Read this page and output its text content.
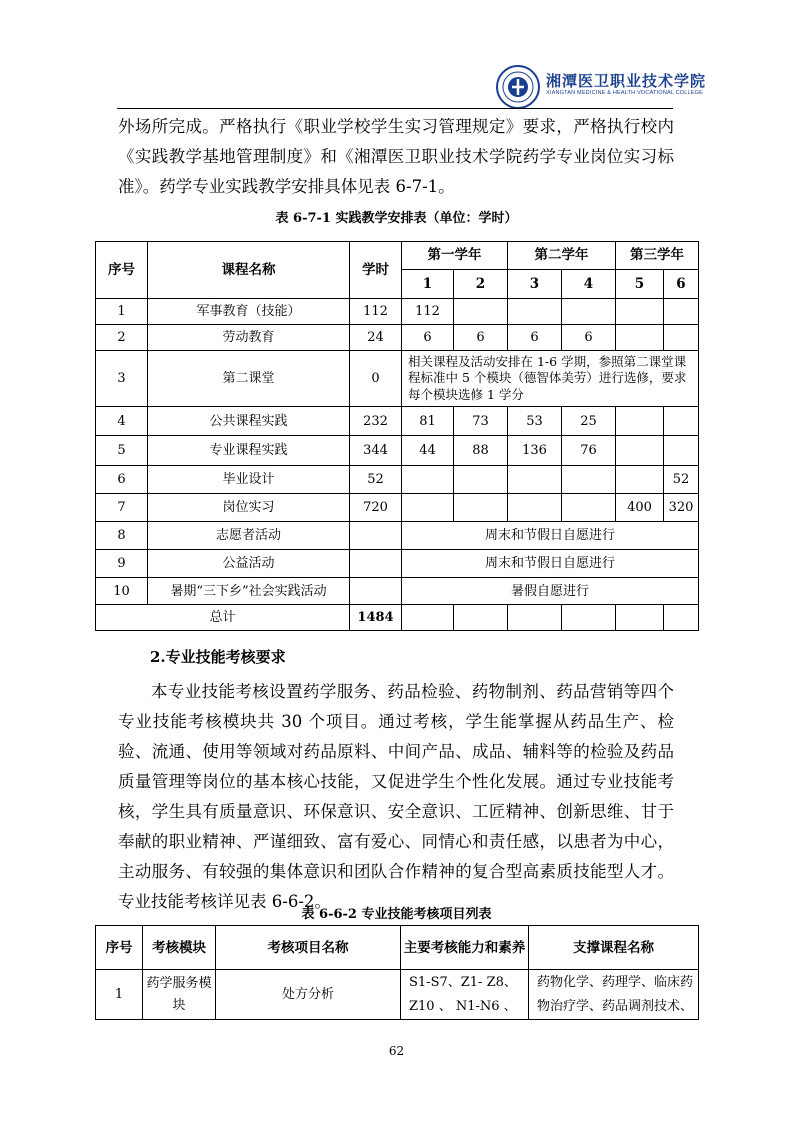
湘潭医卫职业技术学院
XIANGTAN MEDICINE & HEALTH VOCATIONAL COLLEGE
外场所完成。严格执行《职业学校学生实习管理规定》要求，严格执行校内《实践教学基地管理制度》和《湘潭医卫职业技术学院药学专业岗位实习标准》。药学专业实践教学安排具体见表 6-7-1。
表 6-7-1 实践教学安排表（单位：学时）
序号	课程名称	学时	第一学年		第二学年		第三学年	
			1	2	3	4	5	6
1	军事教育（技能）	112	112					
2	劳动教育	24	6	6	6	6		
3	第二课堂	0	相关课程及活动安排在 1-6 学期，参照第二课堂课程标准中 5 个模块（德智体美劳）进行选修，要求每个模块选修 1 学分					
4	公共课程实践	232	81	73	53	25		
5	专业课程实践	344	44	88	136	76		
6	毕业设计	52						52
7	岗位实习	720					400	320
8	志愿者活动		周末和节假日自愿进行					
9	公益活动		周末和节假日自愿进行					
10	暑期“三下乡”社会实践活动		暑假自愿进行					
总计		1484						
2.专业技能考核要求
本专业技能考核设置药学服务、药品检验、药物制剂、药品营销等四个专业技能考核模块共 30 个项目。通过考核，学生能掌握从药品生产、检验、流通、使用等领域对药品原料、中间产品、成品、辅料等的检验及药品质量管理等岗位的基本核心技能，又促进学生个性化发展。通过专业技能考核，学生具有质量意识、环保意识、安全意识、工匠精神、创新思维、甘于奉献的职业精神、严谨细致、富有爱心、同情心和责任感，以患者为中心，主动服务、有较强的集体意识和团队合作精神的复合型高素质技能型人才。专业技能考核详见表 6-6-2。
表 6-6-2 专业技能考核项目列表
序号	考核模块	考核项目名称	主要考核能力和素养	支撑课程名称
1	药学服务模块	处方分析	S1-S7、Z1- Z8、Z10 、 N1-N6 、	药物化学、药理学、临床药物治疗学、药品调剂技术、
62
